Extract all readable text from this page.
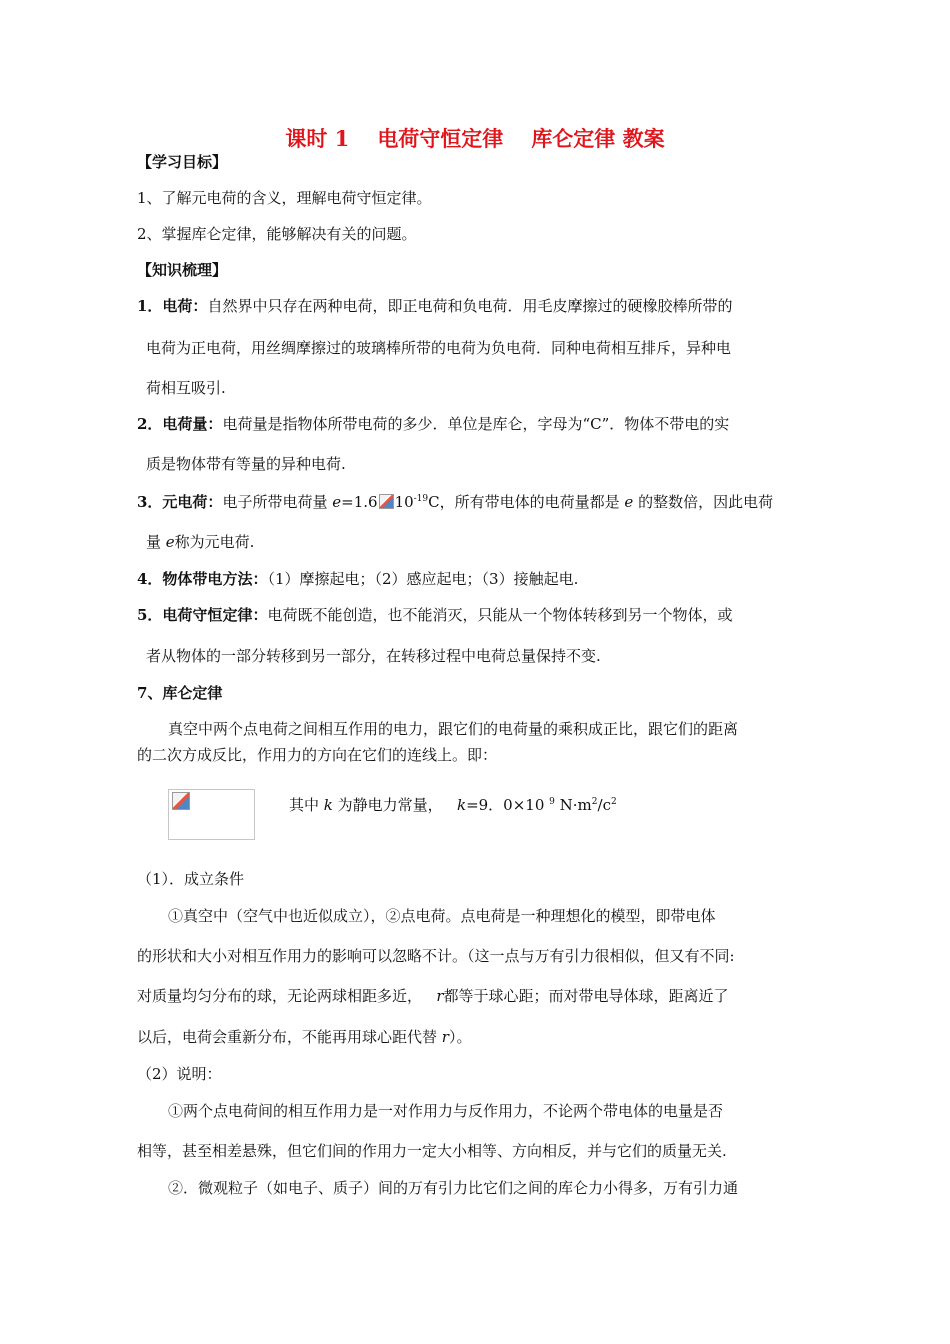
课时 1 电荷守恒定律 库仑定律 教案
【学习目标】
1、了解元电荷的含义，理解电荷守恒定律。
2、掌握库仑定律，能够解决有关的问题。
【知识梳理】
1．电荷：自然界中只存在两种电荷，即正电荷和负电荷．用毛皮摩擦过的硬橡胶棒所带的
电荷为正电荷，用丝绸摩擦过的玻璃棒所带的电荷为负电荷．同种电荷相互排斥，异种电
荷相互吸引.
2．电荷量：电荷量是指物体所带电荷的多少．单位是库仑，字母为“C”．物体不带电的实
质是物体带有等量的异种电荷.
3．元电荷：电子所带电荷量 e=1.6 $10^{-19}C$，所有带电体的电荷量都是 e 的整数倍，因此电荷
量 e称为元电荷.
4．物体带电方法：（1）摩擦起电；（2）感应起电；（3）接触起电.
5．电荷守恒定律：电荷既不能创造，也不能消灭，只能从一个物体转移到另一个物体，或
者从物体的一部分转移到另一部分，在转移过程中电荷总量保持不变.
7、库仑定律
真空中两个点电荷之间相互作用的电力，跟它们的电荷量的乘积成正比，跟它们的距离
的二次方成反比，作用力的方向在它们的连线上。即：
其中 k 为静电力常量， k=9．0×10 $^9$ $N\cdot m^2/c^2$
（1）．成立条件
①真空中（空气中也近似成立），②点电荷。点电荷是一种理想化的模型，即带电体
的形状和大小对相互作用力的影响可以忽略不计。（这一点与万有引力很相似，但又有不同:
对质量均匀分布的球，无论两球相距多近， r都等于球心距；而对带电导体球，距离近了
以后，电荷会重新分布，不能再用球心距代替 r）。
（2）说明：
①两个点电荷间的相互作用力是一对作用力与反作用力，不论两个带电体的电量是否
相等，甚至相差悬殊，但它们间的作用力一定大小相等、方向相反，并与它们的质量无关.
②．微观粒子（如电子、质子）间的万有引力比它们之间的库仑力小得多，万有引力通
